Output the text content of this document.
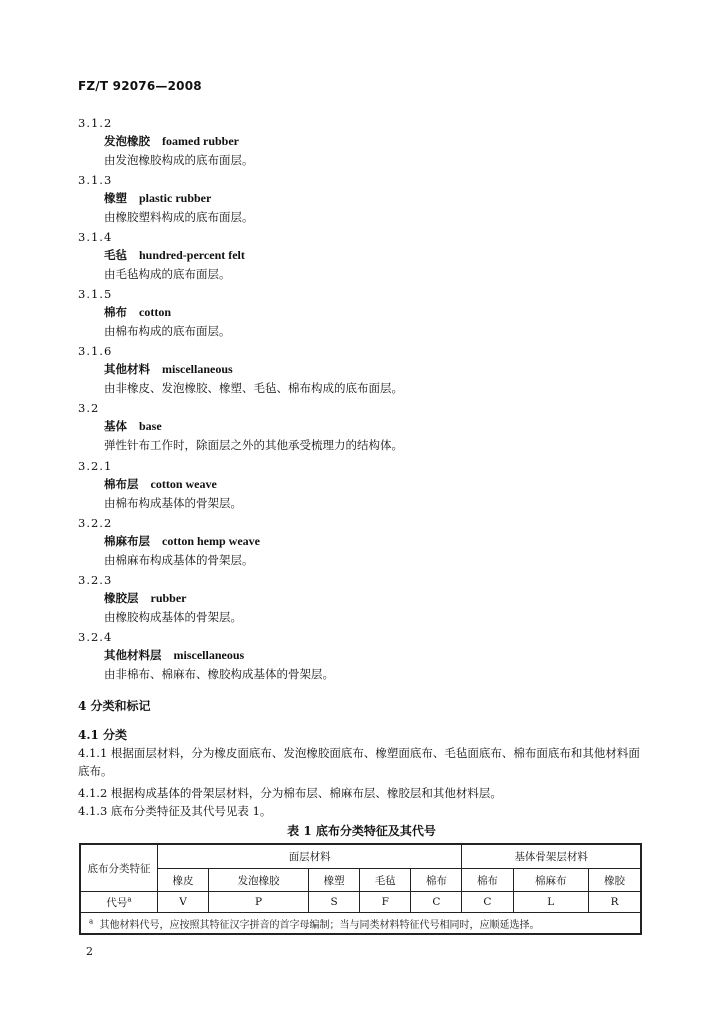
FZ/T 92076—2008
3.1.2
发泡橡胶 foamed rubber
由发泡橡胶构成的底布面层。
3.1.3
橡塑 plastic rubber
由橡胶塑料构成的底布面层。
3.1.4
毛毡 hundred-percent felt
由毛毡构成的底布面层。
3.1.5
棉布 cotton
由棉布构成的底布面层。
3.1.6
其他材料 miscellaneous
由非橡皮、发泡橡胶、橡塑、毛毡、棉布构成的底布面层。
3.2
基体 base
弹性针布工作时，除面层之外的其他承受梳理力的结构体。
3.2.1
棉布层 cotton weave
由棉布构成基体的骨架层。
3.2.2
棉麻布层 cotton hemp weave
由棉麻布构成基体的骨架层。
3.2.3
橡胶层 rubber
由橡胶构成基体的骨架层。
3.2.4
其他材料层 miscellaneous
由非棉布、棉麻布、橡胶构成基体的骨架层。
4 分类和标记
4.1 分类
4.1.1 根据面层材料，分为橡皮面底布、发泡橡胶面底布、橡塑面底布、毛毡面底布、棉布面底布和其他材料面底布。
4.1.2 根据构成基体的骨架层材料，分为棉布层、棉麻布层、橡胶层和其他材料层。
4.1.3 底布分类特征及其代号见表 1。
表 1 底布分类特征及其代号
底布分类特征	面层材料					基体骨架层材料		
	橡皮	发泡橡胶	橡塑	毛毡	棉布	棉布	棉麻布	橡胶
代号$^a$	V	P	S	F	C	C	L	R
$^a$ 其他材料代号，应按照其特征汉字拼音的首字母编制；当与同类材料特征代号相同时，应顺延选择。								
2
